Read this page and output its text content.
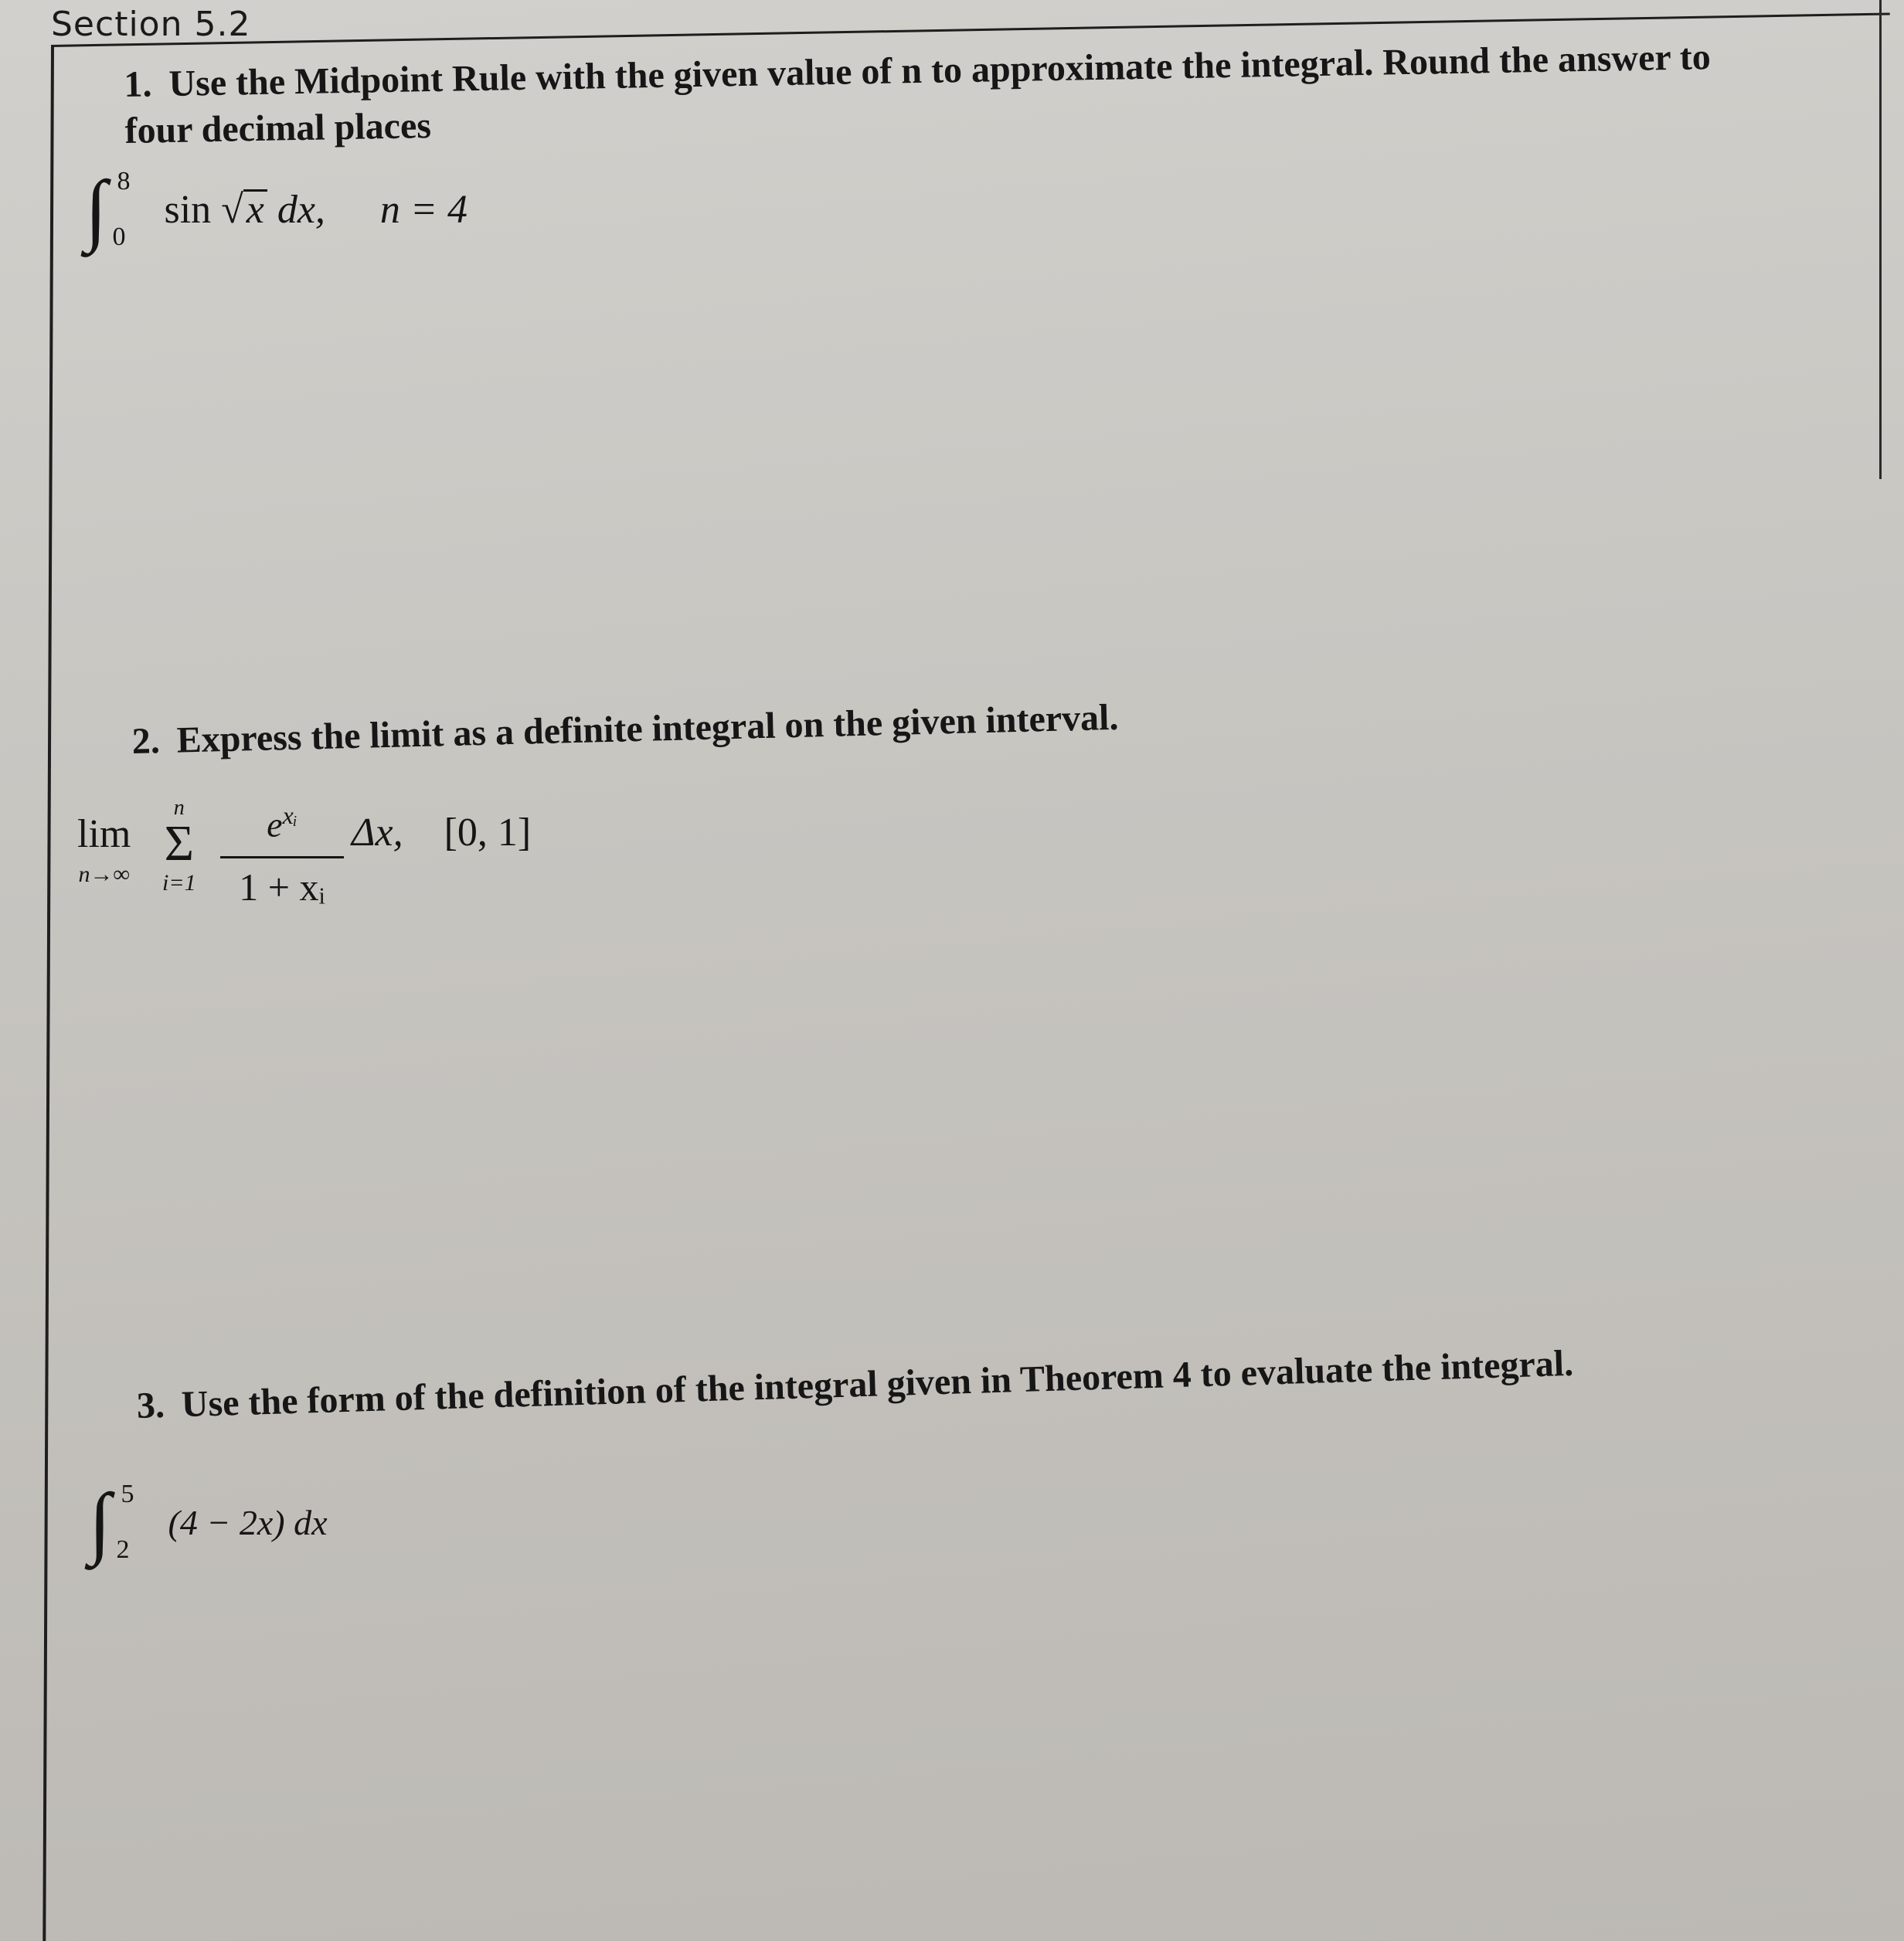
Section 5.2
1. Use the Midpoint Rule with the given value of n to approximate the integral. Round the answer to four decimal places
∫ 8
0
sin √x dx, n = 4
2. Express the limit as a definite integral on the given interval.
lim
n→∞
n
Σ
i=1
$e^{xᵢ}$
1 + xᵢ
Δx, [0, 1]
3. Use the form of the definition of the integral given in Theorem 4 to evaluate the integral.
∫ 5
2
(4 − 2x) dx
